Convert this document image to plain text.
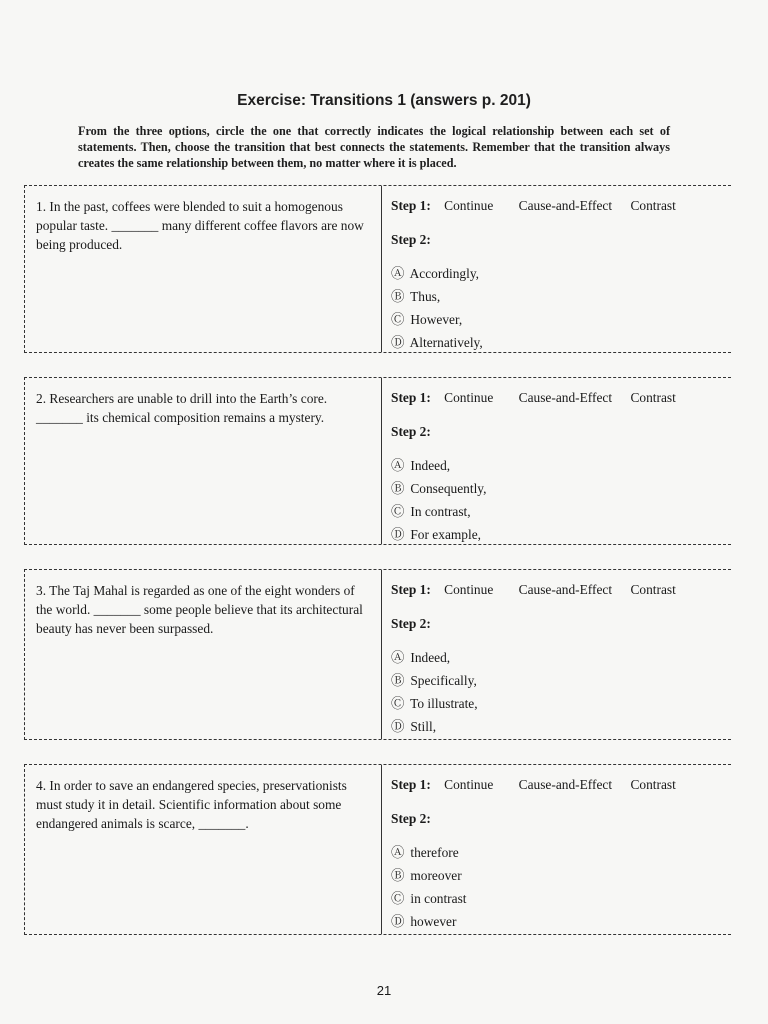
Exercise: Transitions 1 (answers p. 201)
From the three options, circle the one that correctly indicates the logical relationship between each set of statements. Then, choose the transition that best connects the statements. Remember that the transition always creates the same relationship between them, no matter where it is placed.
1. In the past, coffees were blended to suit a homogenous popular taste. _______ many different coffee flavors are now being produced.
Step 1: Continue Cause-and-Effect Contrast
Step 2:
Ⓐ Accordingly,
Ⓑ Thus,
Ⓒ However,
Ⓓ Alternatively,
2. Researchers are unable to drill into the Earth’s core. _______ its chemical composition remains a mystery.
Step 1: Continue Cause-and-Effect Contrast
Step 2:
Ⓐ Indeed,
Ⓑ Consequently,
Ⓒ In contrast,
Ⓓ For example,
3. The Taj Mahal is regarded as one of the eight wonders of the world. _______ some people believe that its architectural beauty has never been surpassed.
Step 1: Continue Cause-and-Effect Contrast
Step 2:
Ⓐ Indeed,
Ⓑ Specifically,
Ⓒ To illustrate,
Ⓓ Still,
4. In order to save an endangered species, preservationists must study it in detail. Scientific information about some endangered animals is scarce, _______.
Step 1: Continue Cause-and-Effect Contrast
Step 2:
Ⓐ therefore
Ⓑ moreover
Ⓒ in contrast
Ⓓ however
21
